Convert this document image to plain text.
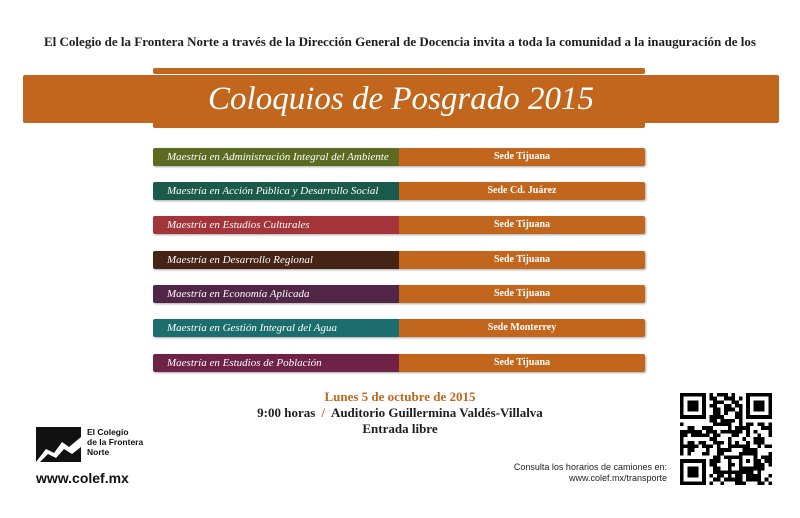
El Colegio de la Frontera Norte a través de la Dirección General de Docencia invita a toda la comunidad a la inauguración de los
Coloquios de Posgrado 2015
Maestría en Administración Integral del Ambiente	Sede Tijuana
Maestría en Acción Pública y Desarrollo Social	Sede Cd. Juárez
Maestría en Estudios Culturales	Sede Tijuana
Maestría en Desarrollo Regional	Sede Tijuana
Maestría en Economía Aplicada	Sede Tijuana
Maestría en Gestión Integral del Agua	Sede Monterrey
Maestría en Estudios de Población	Sede Tijuana
Lunes 5 de octubre de 2015
9:00 horas / Auditorio Guillermina Valdés-Villalva
Entrada libre
El Colegio
de la Frontera
Norte
www.colef.mx
Consulta los horarios de camiones en:
www.colef.mx/transporte
